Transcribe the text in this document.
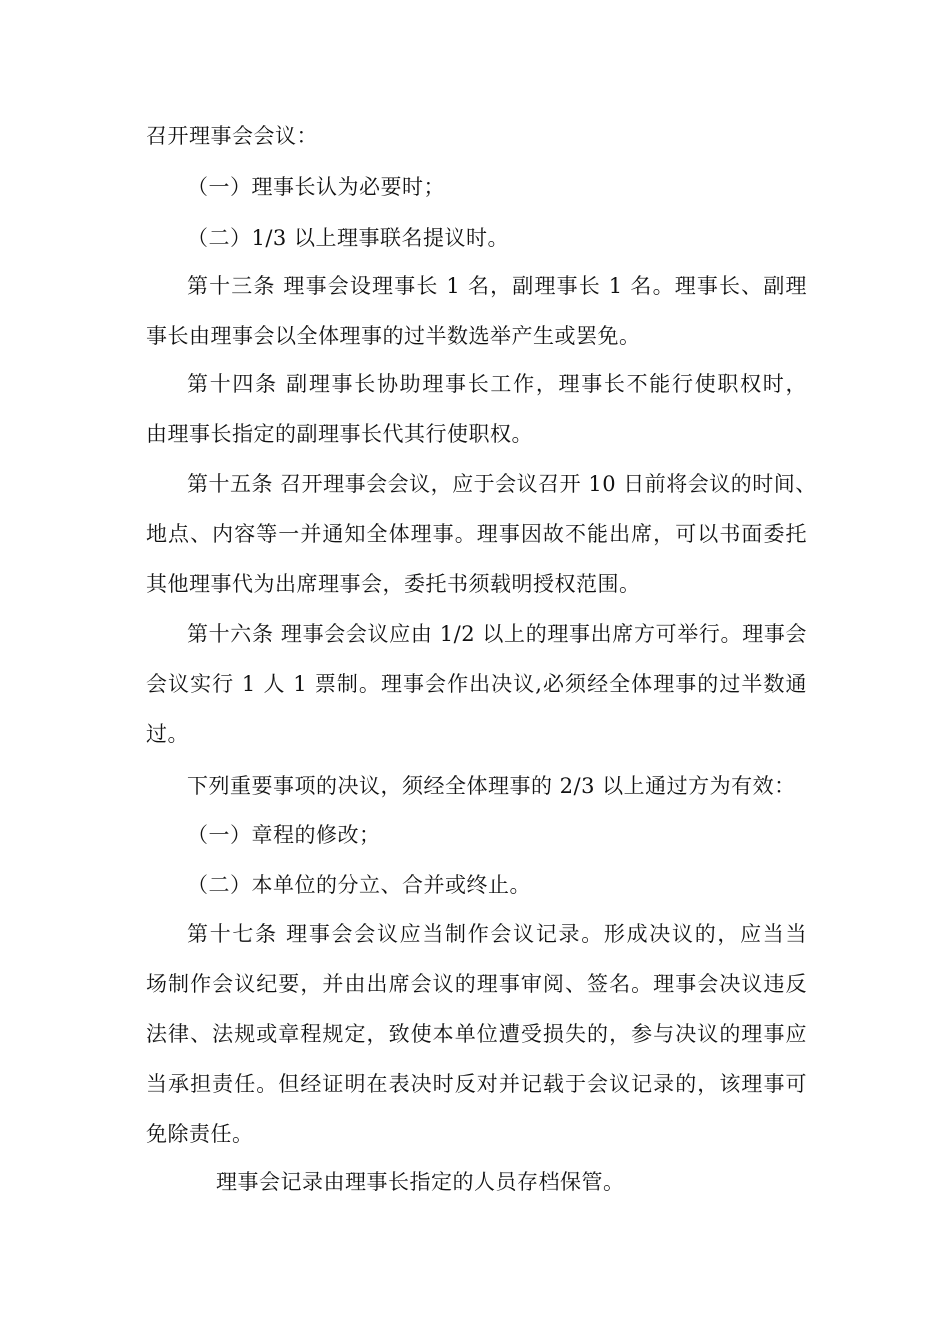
召开理事会会议：
（一）理事长认为必要时；
（二）1/3 以上理事联名提议时。
第十三条 理事会设理事长 1 名，副理事长 1 名。理事长、副理
事长由理事会以全体理事的过半数选举产生或罢免。
第十四条 副理事长协助理事长工作，理事长不能行使职权时，
由理事长指定的副理事长代其行使职权。
第十五条 召开理事会会议，应于会议召开 10 日前将会议的时间、
地点、内容等一并通知全体理事。理事因故不能出席，可以书面委托
其他理事代为出席理事会，委托书须载明授权范围。
第十六条 理事会会议应由 1/2 以上的理事出席方可举行。理事会
会议实行 1 人 1 票制。理事会作出决议,必须经全体理事的过半数通
过。
下列重要事项的决议，须经全体理事的 2/3 以上通过方为有效：
（一）章程的修改；
（二）本单位的分立、合并或终止。
第十七条 理事会会议应当制作会议记录。形成决议的，应当当
场制作会议纪要，并由出席会议的理事审阅、签名。理事会决议违反
法律、法规或章程规定，致使本单位遭受损失的，参与决议的理事应
当承担责任。但经证明在表决时反对并记载于会议记录的，该理事可
免除责任。
理事会记录由理事长指定的人员存档保管。
